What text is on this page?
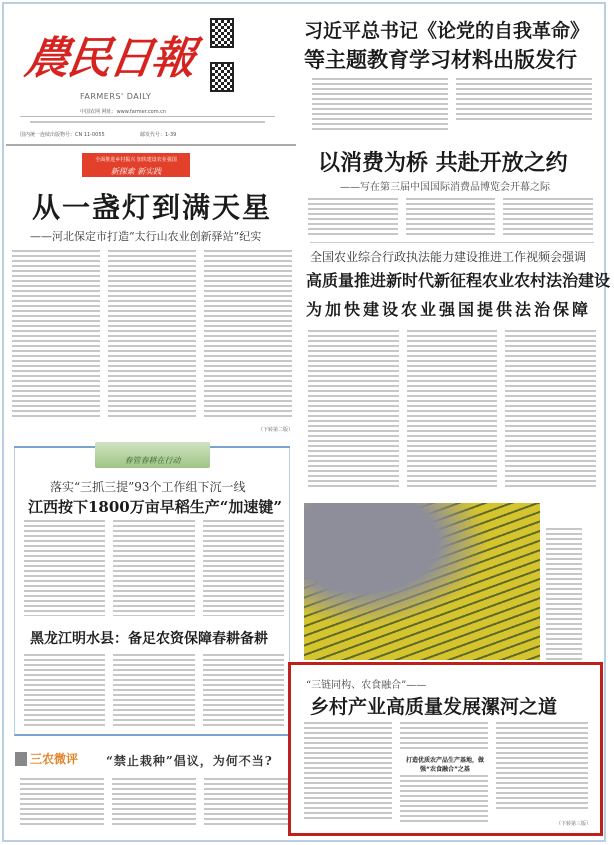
農民日報
FARMERS' DAILY
中国农网 网址：www.farmer.com.cn
国内统一连续出版物号：CN 11-0055	邮发代号：1-39
习近平总书记《论党的自我革命》
等主题教育学习材料出版发行
全面推进乡村振兴 加快建设农业强国
新探索 新实践
从一盏灯到满天星
——河北保定市打造“太行山农业创新驿站”纪实
（下转第二版）
以消费为桥 共赴开放之约
——写在第三届中国国际消费品博览会开幕之际
全国农业综合行政执法能力建设推进工作视频会强调
高质量推进新时代新征程农业农村法治建设
为加快建设农业强国提供法治保障
春管春耕在行动
落实“三抓三提”93个工作组下沉一线
江西按下1800万亩早稻生产“加速键”
黑龙江明水县：备足农资保障春耕备耕
三农微评 “禁止栽种”倡议，为何不当?
“三链同构、农食融合”——
乡村产业高质量发展漯河之道
打造优质农产品生产基地，做强“农食融合”之基
（下转第三版）
